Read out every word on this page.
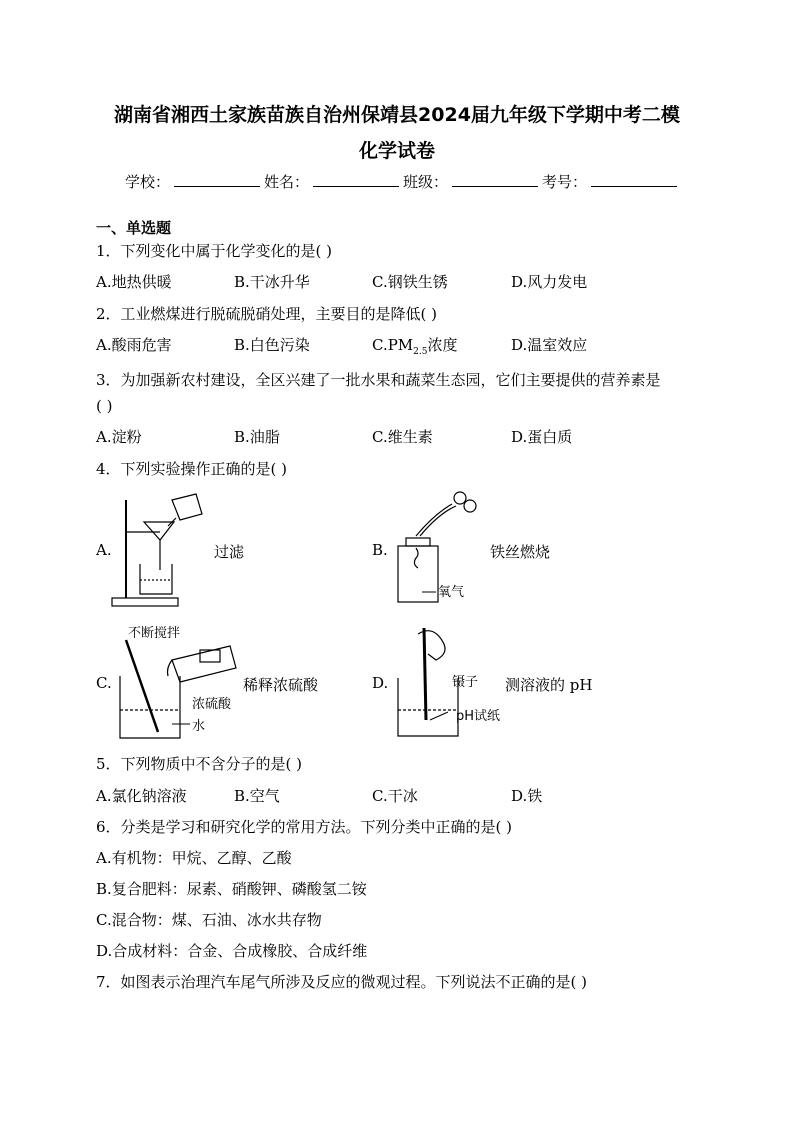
湖南省湘西土家族苗族自治州保靖县2024届九年级下学期中考二模
化学试卷
学校：	姓名：	班级：	考号：
一、单选题
1．下列变化中属于化学变化的是( )
A.地热供暖	B.干冰升华	C.钢铁生锈	D.风力发电
2．工业燃煤进行脱硫脱硝处理，主要目的是降低( )
A.酸雨危害	B.白色污染	$C.PM_{2.5}$浓度	D.温室效应
3．为加强新农村建设，全区兴建了一批水果和蔬菜生态园，它们主要提供的营养素是
( )
A.淀粉	B.油脂	C.维生素	D.蛋白质
4．下列实验操作正确的是( )
A.	过滤	B.
氧气
铁丝燃烧
C.
不断搅拌
浓硫酸
水
稀释浓硫酸	D.	镊子
pH试纸
测溶液的 pH
5．下列物质中不含分子的是( )
A.氯化钠溶液	B.空气	C.干冰	D.铁
6．分类是学习和研究化学的常用方法。下列分类中正确的是( )
A.有机物：甲烷、乙醇、乙酸
B.复合肥料：尿素、硝酸钾、磷酸氢二铵
C.混合物：煤、石油、冰水共存物
D.合成材料：合金、合成橡胶、合成纤维
7．如图表示治理汽车尾气所涉及反应的微观过程。下列说法不正确的是( )
